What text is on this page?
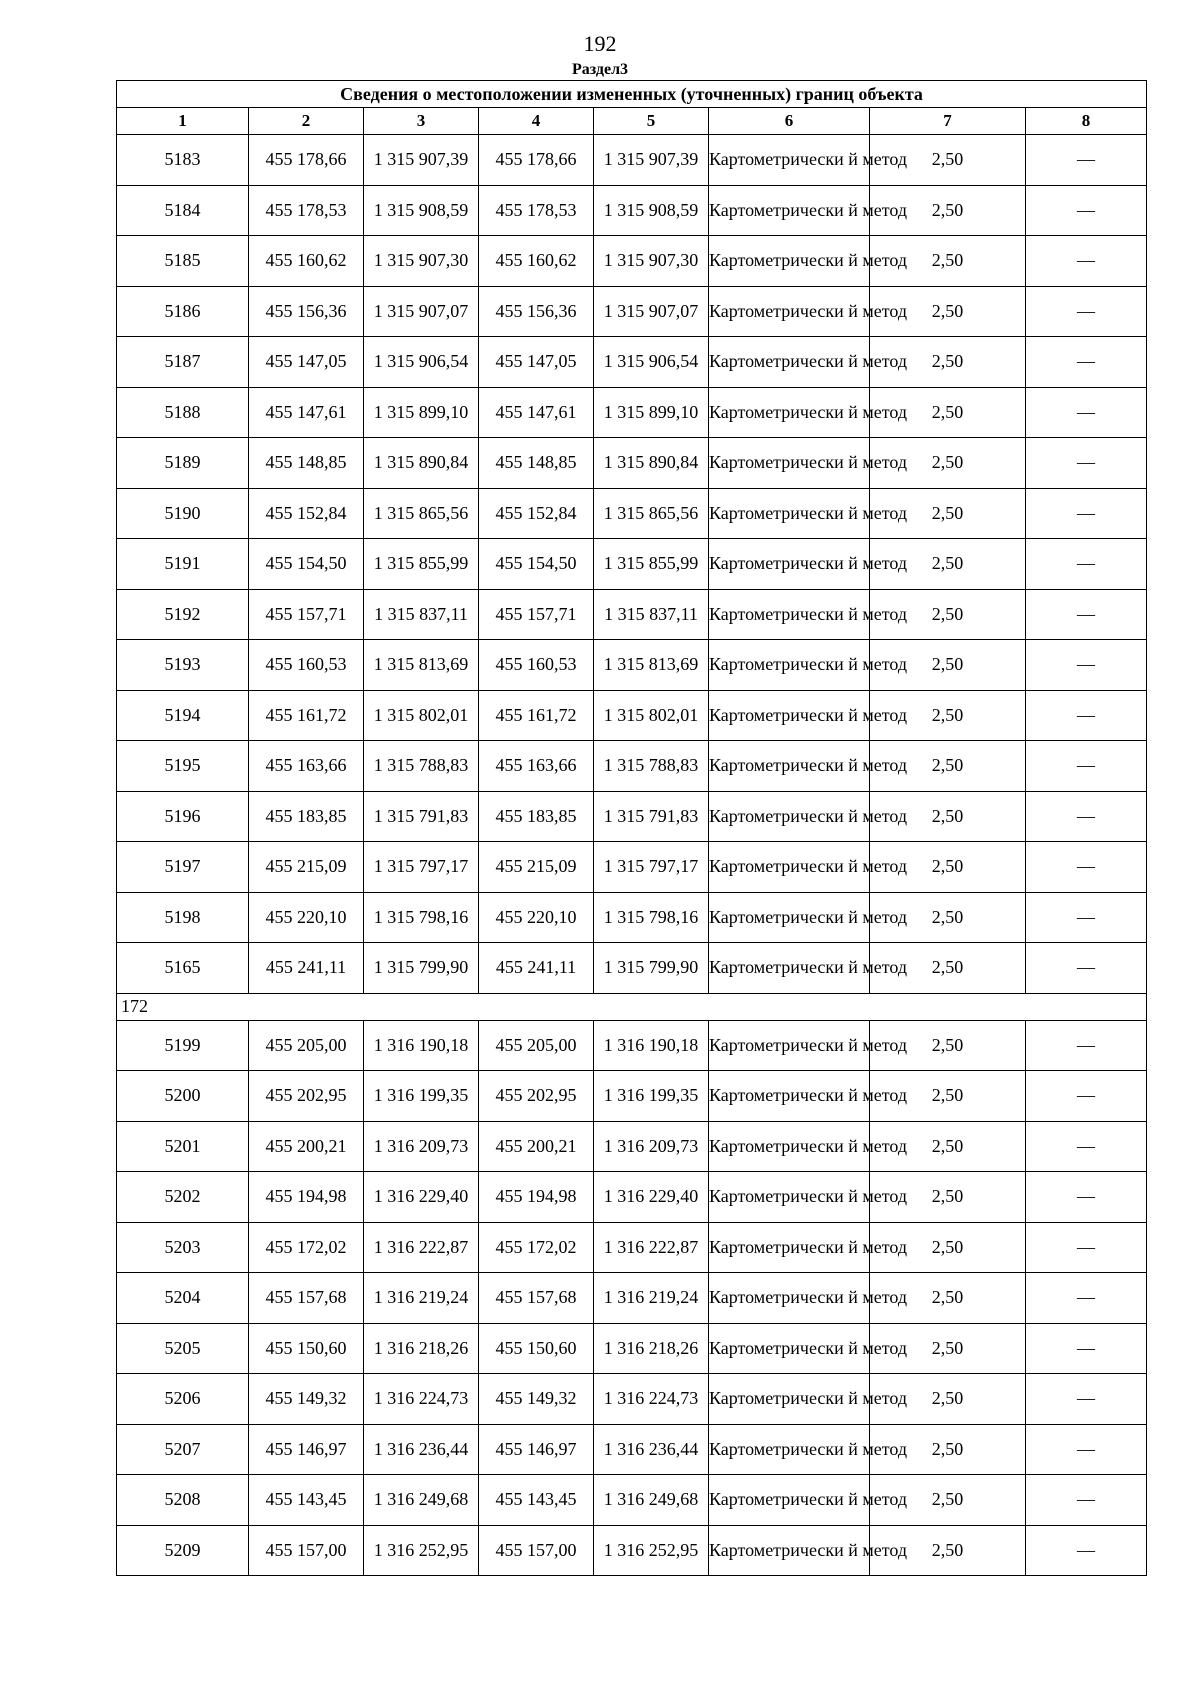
192
Раздел3
Сведения о местоположении измененных (уточненных) границ объекта							
1	2	3	4	5	6	7	8
5183	455 178,66	1 315 907,39	455 178,66	1 315 907,39	Картометрически й метод	2,50	—
5184	455 178,53	1 315 908,59	455 178,53	1 315 908,59	Картометрически й метод	2,50	—
5185	455 160,62	1 315 907,30	455 160,62	1 315 907,30	Картометрически й метод	2,50	—
5186	455 156,36	1 315 907,07	455 156,36	1 315 907,07	Картометрически й метод	2,50	—
5187	455 147,05	1 315 906,54	455 147,05	1 315 906,54	Картометрически й метод	2,50	—
5188	455 147,61	1 315 899,10	455 147,61	1 315 899,10	Картометрически й метод	2,50	—
5189	455 148,85	1 315 890,84	455 148,85	1 315 890,84	Картометрически й метод	2,50	—
5190	455 152,84	1 315 865,56	455 152,84	1 315 865,56	Картометрически й метод	2,50	—
5191	455 154,50	1 315 855,99	455 154,50	1 315 855,99	Картометрически й метод	2,50	—
5192	455 157,71	1 315 837,11	455 157,71	1 315 837,11	Картометрически й метод	2,50	—
5193	455 160,53	1 315 813,69	455 160,53	1 315 813,69	Картометрически й метод	2,50	—
5194	455 161,72	1 315 802,01	455 161,72	1 315 802,01	Картометрически й метод	2,50	—
5195	455 163,66	1 315 788,83	455 163,66	1 315 788,83	Картометрически й метод	2,50	—
5196	455 183,85	1 315 791,83	455 183,85	1 315 791,83	Картометрически й метод	2,50	—
5197	455 215,09	1 315 797,17	455 215,09	1 315 797,17	Картометрически й метод	2,50	—
5198	455 220,10	1 315 798,16	455 220,10	1 315 798,16	Картометрически й метод	2,50	—
5165	455 241,11	1 315 799,90	455 241,11	1 315 799,90	Картометрически й метод	2,50	—
172							
5199	455 205,00	1 316 190,18	455 205,00	1 316 190,18	Картометрически й метод	2,50	—
5200	455 202,95	1 316 199,35	455 202,95	1 316 199,35	Картометрически й метод	2,50	—
5201	455 200,21	1 316 209,73	455 200,21	1 316 209,73	Картометрически й метод	2,50	—
5202	455 194,98	1 316 229,40	455 194,98	1 316 229,40	Картометрически й метод	2,50	—
5203	455 172,02	1 316 222,87	455 172,02	1 316 222,87	Картометрически й метод	2,50	—
5204	455 157,68	1 316 219,24	455 157,68	1 316 219,24	Картометрически й метод	2,50	—
5205	455 150,60	1 316 218,26	455 150,60	1 316 218,26	Картометрически й метод	2,50	—
5206	455 149,32	1 316 224,73	455 149,32	1 316 224,73	Картометрически й метод	2,50	—
5207	455 146,97	1 316 236,44	455 146,97	1 316 236,44	Картометрически й метод	2,50	—
5208	455 143,45	1 316 249,68	455 143,45	1 316 249,68	Картометрически й метод	2,50	—
5209	455 157,00	1 316 252,95	455 157,00	1 316 252,95	Картометрически й метод	2,50	—
